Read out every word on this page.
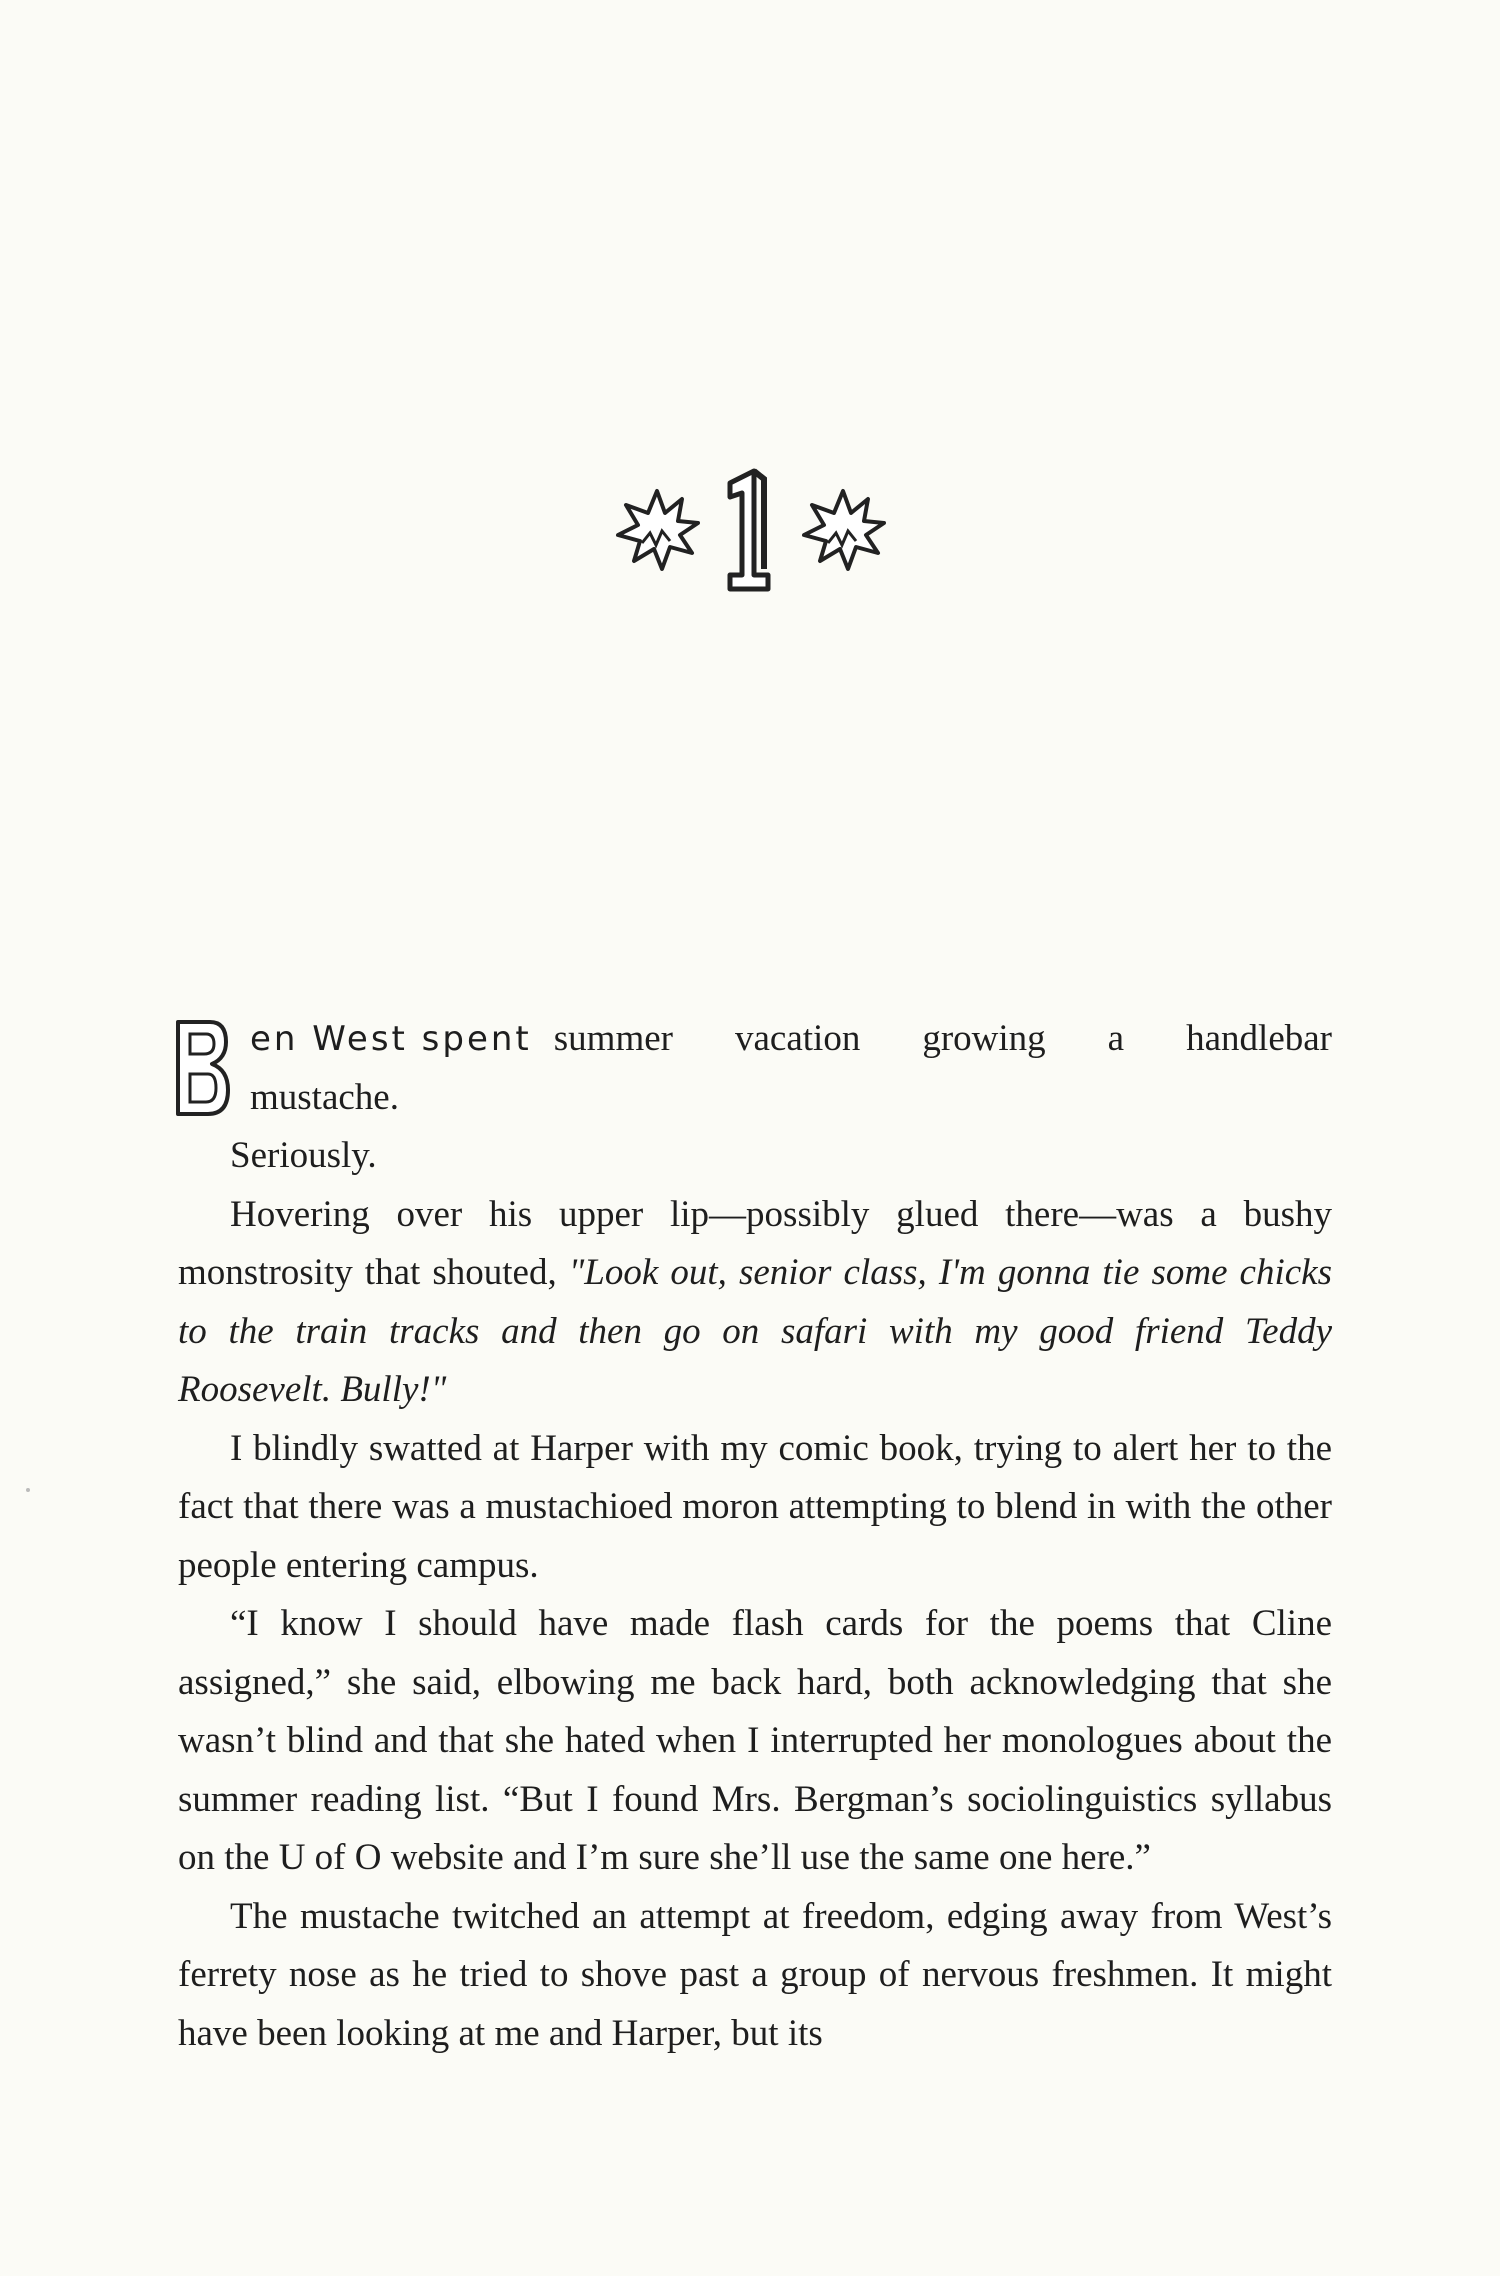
1
B
en West spent summer vacation growing a handlebar

mustache.

Seriously.

Hovering over his upper lip—possibly glued there—was a bushy monstrosity that shouted, "Look out, senior class, I'm gonna tie some chicks to the train tracks and then go on safari with my good friend Teddy Roosevelt. Bully!"

I blindly swatted at Harper with my comic book, trying to alert her to the fact that there was a mustachioed moron attempting to blend in with the other people entering campus.

“I know I should have made flash cards for the poems that Cline assigned,” she said, elbowing me back hard, both acknowledging that she wasn’t blind and that she hated when I interrupted her monologues about the summer reading list. “But I found Mrs. Bergman’s sociolinguistics syllabus on the U of O website and I’m sure she’ll use the same one here.”

The mustache twitched an attempt at freedom, edging away from West’s ferrety nose as he tried to shove past a group of nervous freshmen. It might have been looking at me and Harper, but its
